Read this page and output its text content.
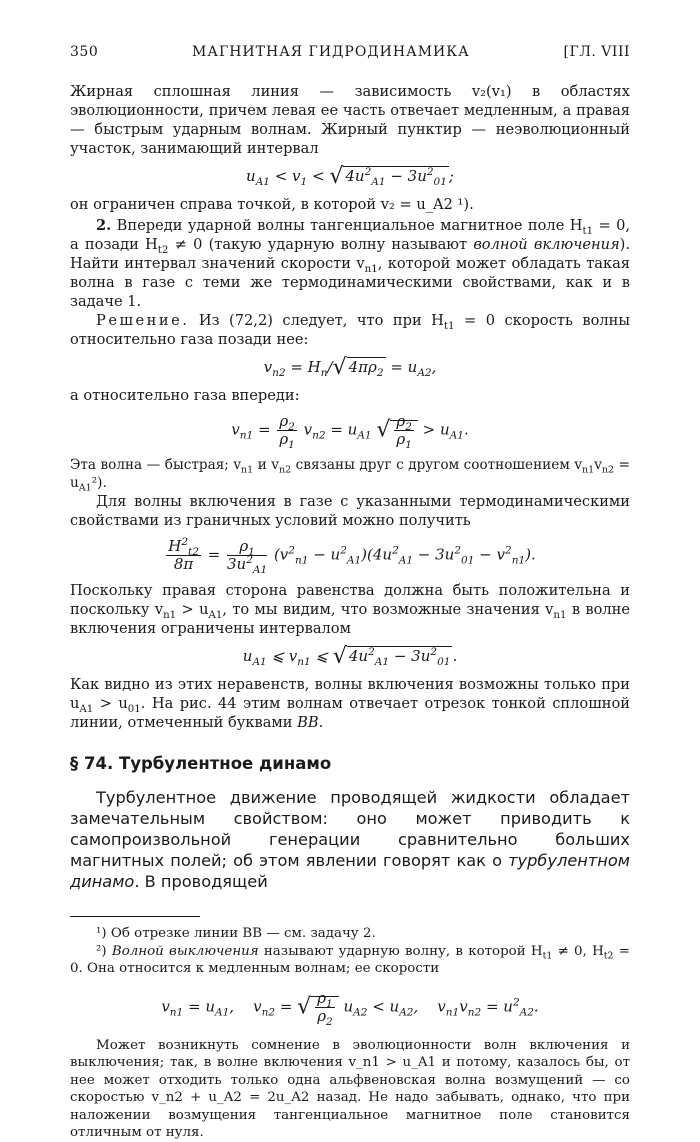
350	МАГНИТНАЯ ГИДРОДИНАМИКА	[ГЛ. VIII

Жирная сплошная линия — зависимость v₂(v₁) в областях эволюционности, причем левая ее часть отвечает медленным, а правая — быстрым ударным волнам. Жирный пунктир — неэволюционный участок, занимающий интервал

$u_{A1} < v_1$ < √ $4u^2_{A1} - 3u^2_{01}$ ;

он ограничен справа точкой, в которой v₂ = u_A2 ¹).

2. Впереди ударной волны тангенциальное магнитное поле $H_{t1} = 0$, а позади $H_{t2} \ne 0$ (такую ударную волну называют волной включения). Найти интервал значений скорости $v_{n1}$, которой может обладать такая волна в газе с теми же термодинамическими свойствами, как и в задаче 1.

Решение. Из (72,2) следует, что при $H_{t1} = 0$ скорость волны относительно газа позади нее:

$v_{n2} = H_n/√$ $4\pi\rho_2 = u_{A2}$,

а относительно газа впереди:

$v_{n1} = \frac{\rho_2}{\rho_1} v_{n2} = u_{A1}$ √ $\frac{\rho_2}{\rho_1} > u_{A1}$.

Эта волна — быстрая; $v_{n1}$ и $v_{n2}$ связаны друг с другом соотношением $v_{n1}v_{n2} = u_{A1}^2$).

Для волны включения в газе с указанными термодинамическими свойствами из граничных условий можно получить

$\frac{H^2_{t2}}{8\pi} = \frac{\rho_1}{3u^2_{A1}} (v^2_{n1} - u^2_{A1})(4u^2_{A1} - 3u^2_{01} - v^2_{n1})$.

Поскольку правая сторона равенства должна быть положительна и поскольку $v_{n1} > u_{A1}$, то мы видим, что возможные значения $v_{n1}$ в волне включения ограничены интервалом

$u_{A1}$ ⩽ $v_{n1}$ ⩽ √ $4u^2_{A1} - 3u^2_{01}$ .

Как видно из этих неравенств, волны включения возможны только при $u_{A1} > u_{01}$. На рис. 44 этим волнам отвечает отрезок тонкой сплошной линии, отмеченный буквами BB.

§ 74. Турбулентное динамо

Турбулентное движение проводящей жидкости обладает замечательным свойством: оно может приводить к самопроизвольной генерации сравнительно больших магнитных полей; об этом явлении говорят как о турбулентном динамо. В проводящей

¹) Об отрезке линии BB — см. задачу 2.

²) Волной выключения называют ударную волну, в которой $H_{t1} \ne 0$, $H_{t2} = 0$. Она относится к медленным волнам; ее скорости

$v_{n1} = u_{A1}$,    $v_{n2}$ = √ $\frac{\rho_1}{\rho_2} u_{A2} < u_{A2}$,    $v_{n1}v_{n2} = u^2_{A2}$.

Может возникнуть сомнение в эволюционности волн включения и выключения; так, в волне включения v_n1 > u_A1 и потому, казалось бы, от нее может отходить только одна альфвеновская волна возмущений — со скоростью v_n2 + u_A2 = 2u_A2 назад. Не надо забывать, однако, что при наложении возмущения тангенциальное магнитное поле становится отличным от нуля.
